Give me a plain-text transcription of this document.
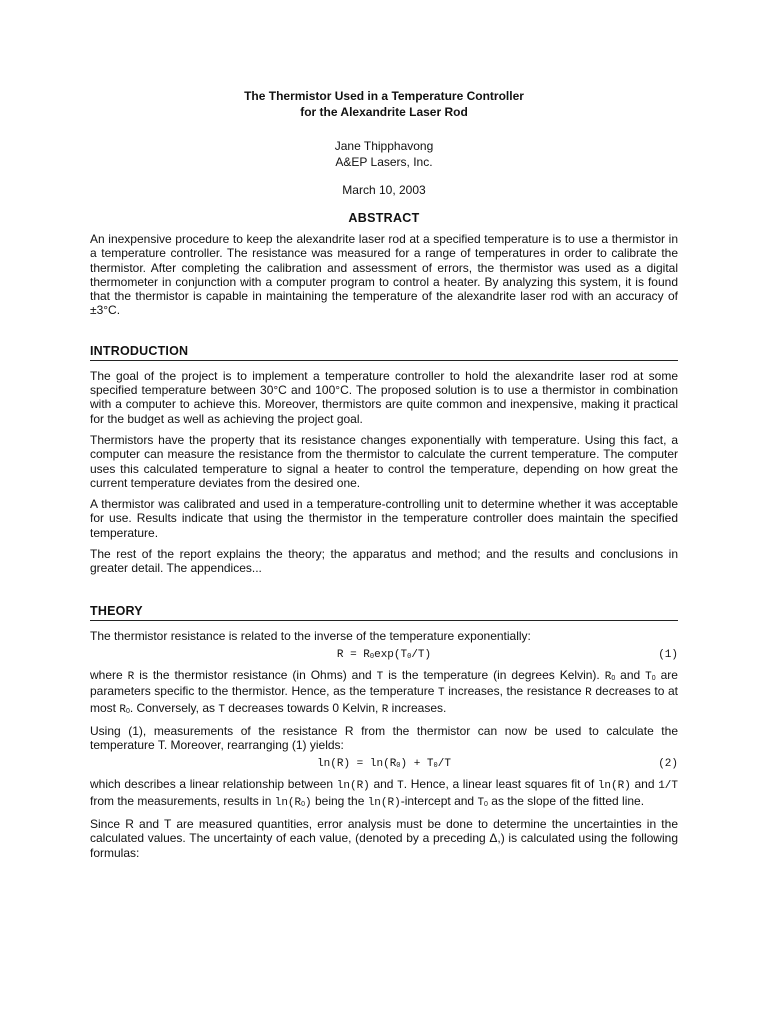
The Thermistor Used in a Temperature Controller
for the Alexandrite Laser Rod
Jane Thipphavong
A&EP Lasers, Inc.
March 10, 2003
ABSTRACT

An inexpensive procedure to keep the alexandrite laser rod at a specified temperature is to use a thermistor in a temperature controller. The resistance was measured for a range of temperatures in order to calibrate the thermistor. After completing the calibration and assessment of errors, the thermistor was used as a digital thermometer in conjunction with a computer program to control a heater. By analyzing this system, it is found that the thermistor is capable in maintaining the temperature of the alexandrite laser rod with an accuracy of ±3°C.

INTRODUCTION

The goal of the project is to implement a temperature controller to hold the alexandrite laser rod at some specified temperature between 30°C and 100°C. The proposed solution is to use a thermistor in combination with a computer to achieve this. Moreover, thermistors are quite common and inexpensive, making it practical for the budget as well as achieving the project goal.

Thermistors have the property that its resistance changes exponentially with temperature. Using this fact, a computer can measure the resistance from the thermistor to calculate the current temperature. The computer uses this calculated temperature to signal a heater to control the temperature, depending on how great the current temperature deviates from the desired one.

A thermistor was calibrated and used in a temperature-controlling unit to determine whether it was acceptable for use. Results indicate that using the thermistor in the temperature controller does maintain the specified temperature.

The rest of the report explains the theory; the apparatus and method; and the results and conclusions in greater detail. The appendices...

THEORY

The thermistor resistance is related to the inverse of the temperature exponentially:

$R = R_0\exp(T_0/T)$	(1)

where R is the thermistor resistance (in Ohms) and T is the temperature (in degrees Kelvin). $R_0$ and $T_0$ are parameters specific to the thermistor. Hence, as the temperature T increases, the resistance R decreases to at most $R_0$. Conversely, as T decreases towards 0 Kelvin, R increases.

Using (1), measurements of the resistance R from the thermistor can now be used to calculate the temperature T. Moreover, rearranging (1) yields:

$\ln(R) = \ln(R_0) + T_0/T$	(2)

which describes a linear relationship between ln(R) and T. Hence, a linear least squares fit of ln(R) and 1/T from the measurements, results in $\ln(R_0)$ being the ln(R)-intercept and $T_0$ as the slope of the fitted line.

Since R and T are measured quantities, error analysis must be done to determine the uncertainties in the calculated values. The uncertainty of each value, (denoted by a preceding Δ,) is calculated using the following formulas:
